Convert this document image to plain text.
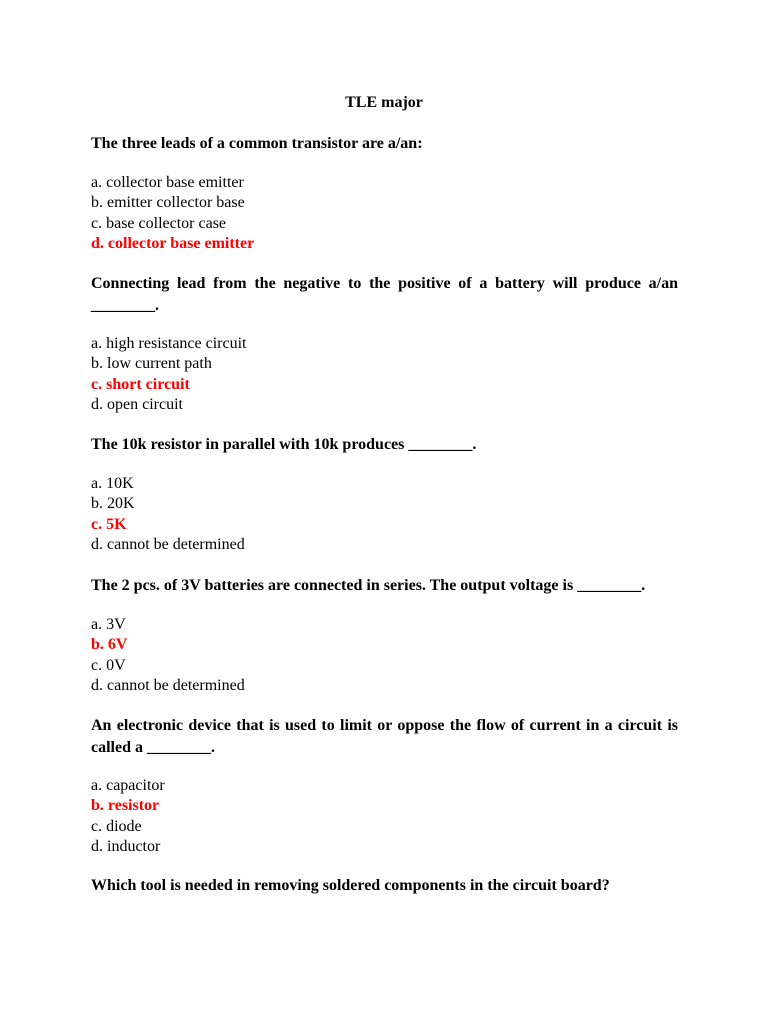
TLE major

The three leads of a common transistor are a/an:

a. collector base emitter
b. emitter collector base
c. base collector case
d. collector base emitter

Connecting lead from the negative to the positive of a battery will produce a/an ________.

a. high resistance circuit
b. low current path
c. short circuit
d. open circuit

The 10k resistor in parallel with 10k produces ________.

a. 10K
b. 20K
c. 5K
d. cannot be determined

The 2 pcs. of 3V batteries are connected in series. The output voltage is ________.

a. 3V
b. 6V
c. 0V
d. cannot be determined

An electronic device that is used to limit or oppose the flow of current in a circuit is called a ________.

a. capacitor
b. resistor
c. diode
d. inductor

Which tool is needed in removing soldered components in the circuit board?
